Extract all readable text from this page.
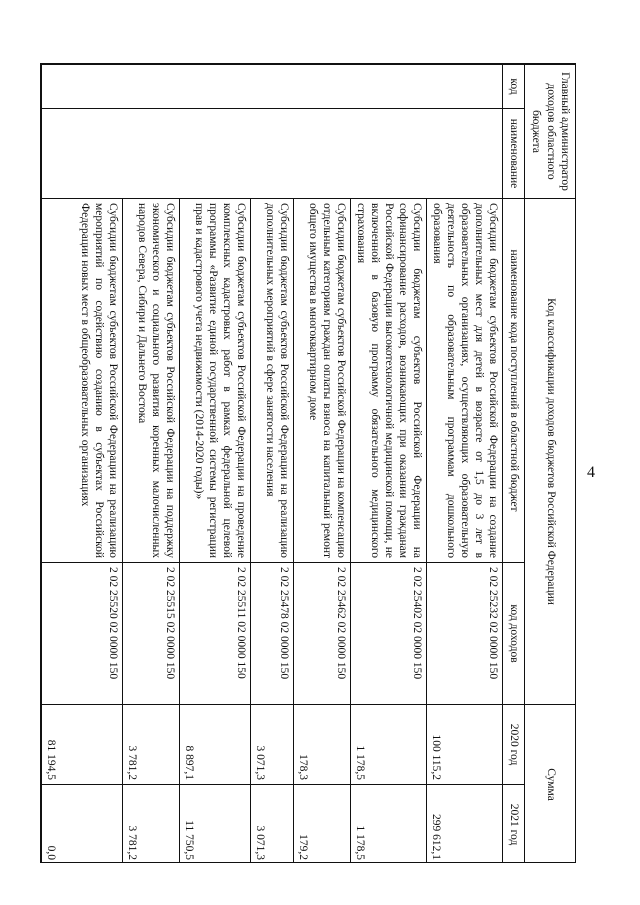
4
Главный администратор доходов областного бюджета		Код классификации доходов бюджетов Российской Федерации		Сумма	
код	наименование	наименование кода поступлений в областной бюджет	код доходов	2020 год	2021 год
		Субсидии бюджетам субъектов Российской Федерации на создание дополнительных мест для детей в возрасте от 1,5 до 3 лет в образовательных организациях, осуществляющих образовательную деятельность по образовательным программам дошкольного образования	2 02 25232 02 0000 150	100 115,2	299 612,1
		Субсидии бюджетам субъектов Российской Федерации на софинансирование расходов, возникающих при оказании гражданам Российской Федерации высокотехнологичной медицинской помощи, не включенной в базовую программу обязательного медицинского страхования	2 02 25402 02 0000 150	1 178,5	1 178,5
		Субсидии бюджетам субъектов Российской Федерации на компенсацию отдельным категориям граждан оплаты взноса на капитальный ремонт общего имущества в многоквартирном доме	2 02 25462 02 0000 150	178,3	179,2
		Субсидии бюджетам субъектов Российской Федерации на реализацию дополнительных мероприятий в сфере занятости населения	2 02 25478 02 0000 150	3 071,3	3 071,3
		Субсидии бюджетам субъектов Российской Федерации на проведение комплексных кадастровых работ в рамках федеральной целевой программы «Развитие единой государственной системы регистрации прав и кадастрового учета недвижимости (2014-2020 годы)»	2 02 25511 02 0000 150	8 897,1	11 750,5
		Субсидии бюджетам субъектов Российской Федерации на поддержку экономического и социального развития коренных малочисленных народов Севера, Сибири и Дальнего Востока	2 02 25515 02 0000 150	3 781,2	3 781,2
		Субсидии бюджетам субъектов Российской Федерации на реализацию мероприятий по содействию созданию в субъектах Российской Федерации новых мест в общеобразовательных организациях	2 02 25520 02 0000 150	81 194,5	0,0
